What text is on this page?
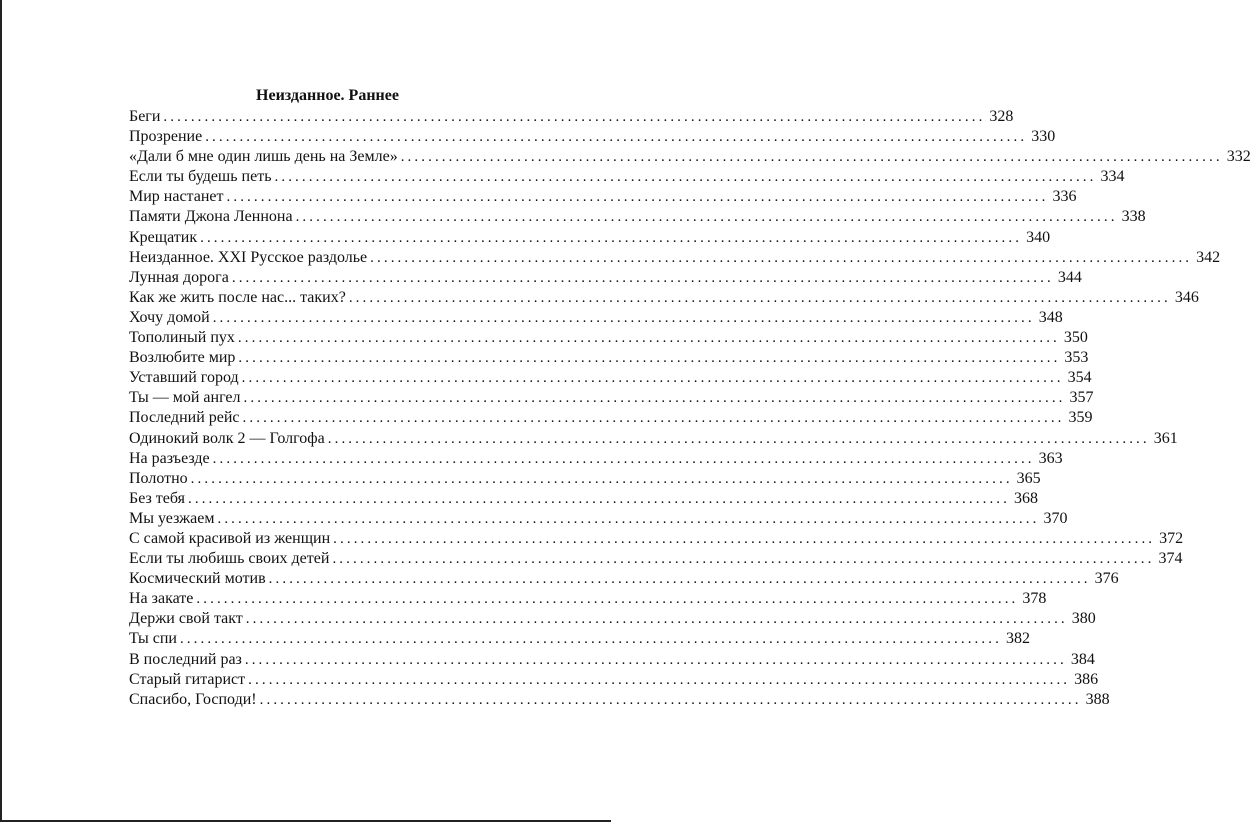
Неизданное. Раннее
Беги ........................................................................................................................ 328
Прозрение ........................................................................................................................ 330
«Дали б мне один лишь день на Земле» ........................................................................................................................ 332
Если ты будешь петь ........................................................................................................................ 334
Мир настанет ........................................................................................................................ 336
Памяти Джона Леннона ........................................................................................................................ 338
Крещатик ........................................................................................................................ 340
Неизданное. XXI Русское раздолье ........................................................................................................................ 342
Лунная дорога ........................................................................................................................ 344
Как же жить после нас... таких? ........................................................................................................................ 346
Хочу домой ........................................................................................................................ 348
Тополиный пух ........................................................................................................................ 350
Возлюбите мир ........................................................................................................................ 353
Уставший город ........................................................................................................................ 354
Ты — мой ангел ........................................................................................................................ 357
Последний рейс ........................................................................................................................ 359
Одинокий волк 2 — Голгофа ........................................................................................................................ 361
На разъезде ........................................................................................................................ 363
Полотно ........................................................................................................................ 365
Без тебя ........................................................................................................................ 368
Мы уезжаем ........................................................................................................................ 370
С самой красивой из женщин ........................................................................................................................ 372
Если ты любишь своих детей ........................................................................................................................ 374
Космический мотив ........................................................................................................................ 376
На закате ........................................................................................................................ 378
Держи свой такт ........................................................................................................................ 380
Ты спи ........................................................................................................................ 382
В последний раз ........................................................................................................................ 384
Старый гитарист ........................................................................................................................ 386
Спасибо, Господи! ........................................................................................................................ 388
